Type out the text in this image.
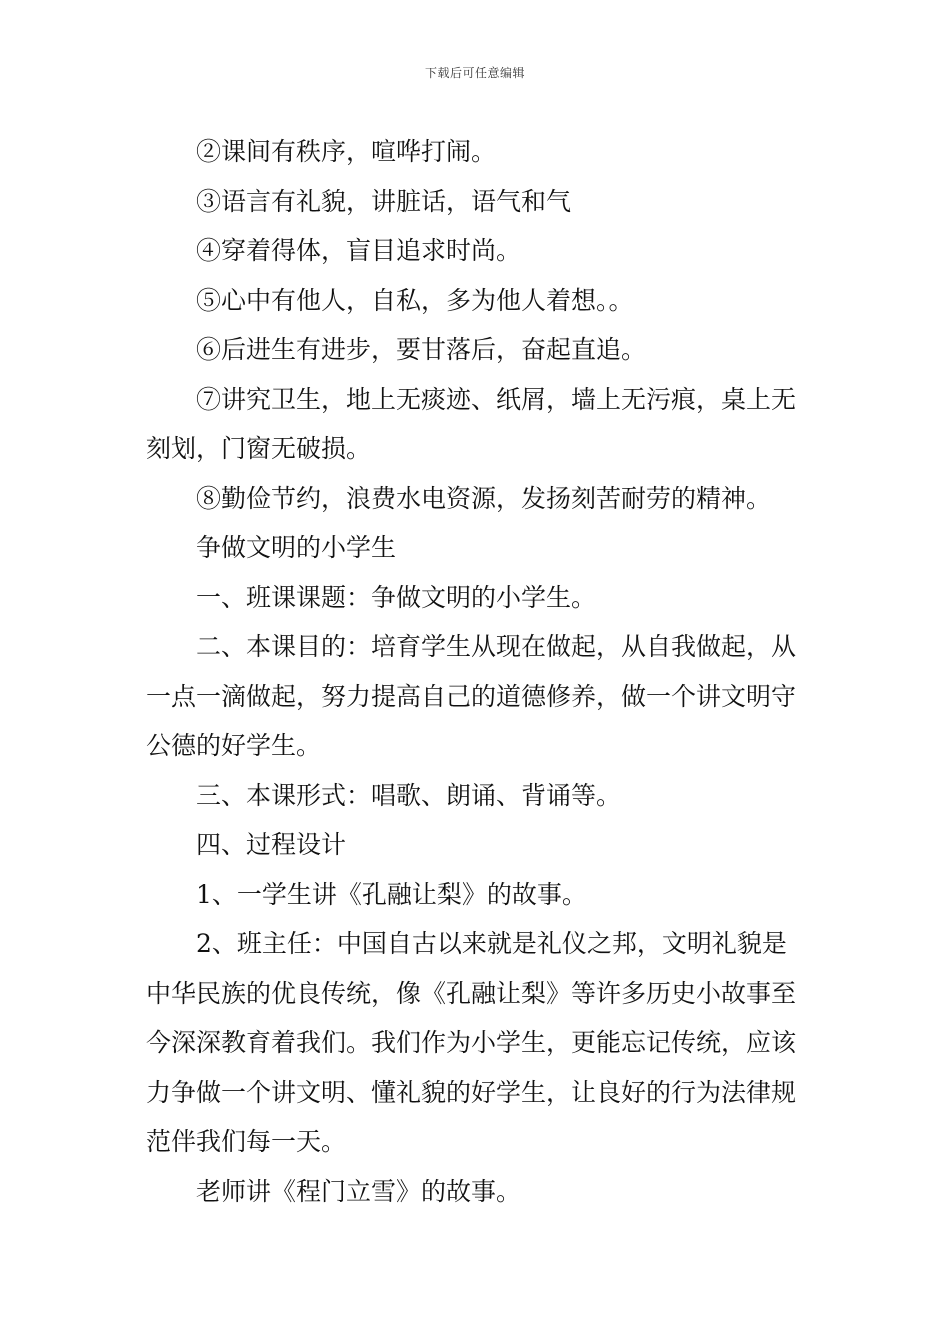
下载后可任意编辑

②课间有秩序，喧哗打闹。

③语言有礼貌，讲脏话，语气和气

④穿着得体，盲目追求时尚。

⑤心中有他人，自私，多为他人着想。。

⑥后进生有进步，要甘落后，奋起直追。

⑦讲究卫生，地上无痰迹、纸屑，墙上无污痕，桌上无刻划，门窗无破损。

⑧勤俭节约，浪费水电资源，发扬刻苦耐劳的精神。

争做文明的小学生

一、班课课题：争做文明的小学生。

二、本课目的：培育学生从现在做起，从自我做起，从一点一滴做起，努力提高自己的道德修养，做一个讲文明守公德的好学生。

三、本课形式：唱歌、朗诵、背诵等。

四、过程设计

1、一学生讲《孔融让梨》的故事。

2、班主任：中国自古以来就是礼仪之邦，文明礼貌是中华民族的优良传统，像《孔融让梨》等许多历史小故事至今深深教育着我们。我们作为小学生，更能忘记传统，应该力争做一个讲文明、懂礼貌的好学生，让良好的行为法律规范伴我们每一天。

老师讲《程门立雪》的故事。
